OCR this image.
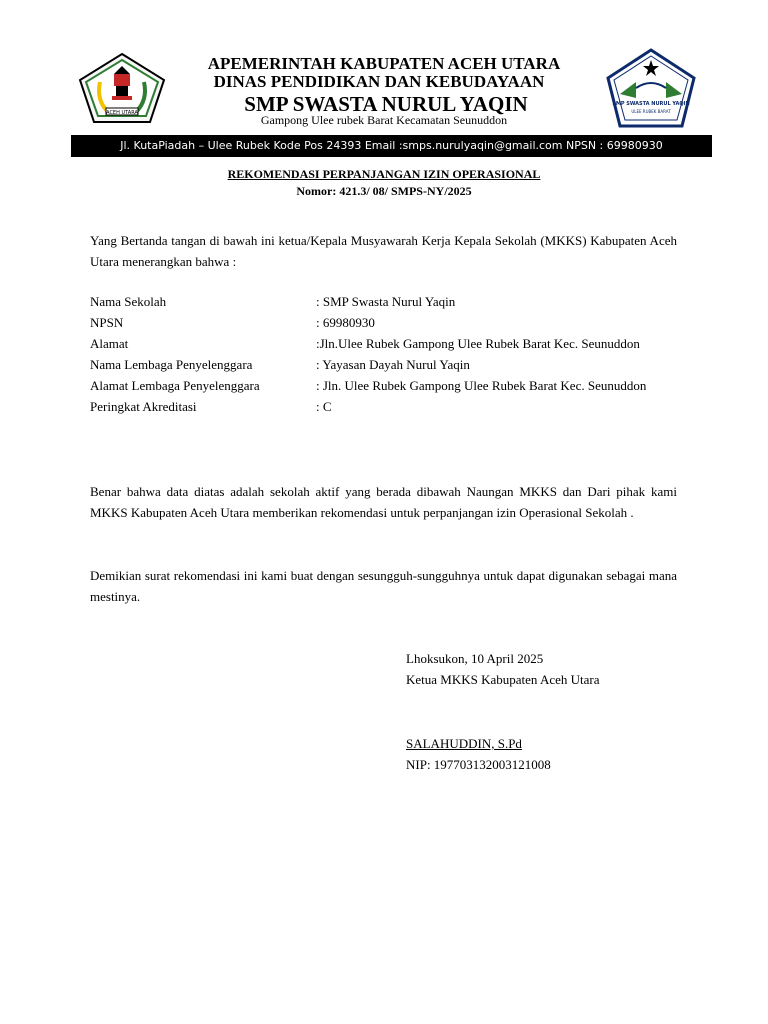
ACEH UTARA
SMP SWASTA NURUL YAQIN
ULEE RUBEK BARAT
APEMERINTAH KABUPATEN ACEH UTARA
DINAS PENDIDIKAN DAN KEBUDAYAAN
SMP SWASTA NURUL YAQIN
Gampong Ulee rubek Barat Kecamatan Seunuddon
Jl. KutaPiadah – Ulee Rubek Kode Pos 24393 Email :smps.nurulyaqin@gmail.com NPSN : 69980930
REKOMENDASI PERPANJANGAN IZIN OPERASIONAL
Nomor: 421.3/ 08/ SMPS-NY/2025
Yang Bertanda tangan di bawah ini ketua/Kepala Musyawarah Kerja Kepala Sekolah (MKKS) Kabupaten Aceh Utara menerangkan bahwa :
Nama Sekolah	: SMP Swasta Nurul Yaqin
NPSN	: 69980930
Alamat	:Jln.Ulee Rubek Gampong Ulee Rubek Barat Kec. Seunuddon
Nama Lembaga Penyelenggara	: Yayasan Dayah Nurul Yaqin
Alamat Lembaga Penyelenggara	: Jln. Ulee Rubek Gampong Ulee Rubek Barat Kec. Seunuddon
Peringkat Akreditasi	: C
Benar bahwa data diatas adalah sekolah aktif yang berada dibawah Naungan MKKS dan Dari pihak kami MKKS Kabupaten Aceh Utara memberikan rekomendasi untuk perpanjangan izin Operasional Sekolah .
Demikian surat rekomendasi ini kami buat dengan sesungguh-sungguhnya untuk dapat digunakan sebagai mana mestinya.
Lhoksukon, 10 April 2025
Ketua MKKS Kabupaten Aceh Utara
SALAHUDDIN, S.Pd
NIP: 197703132003121008
